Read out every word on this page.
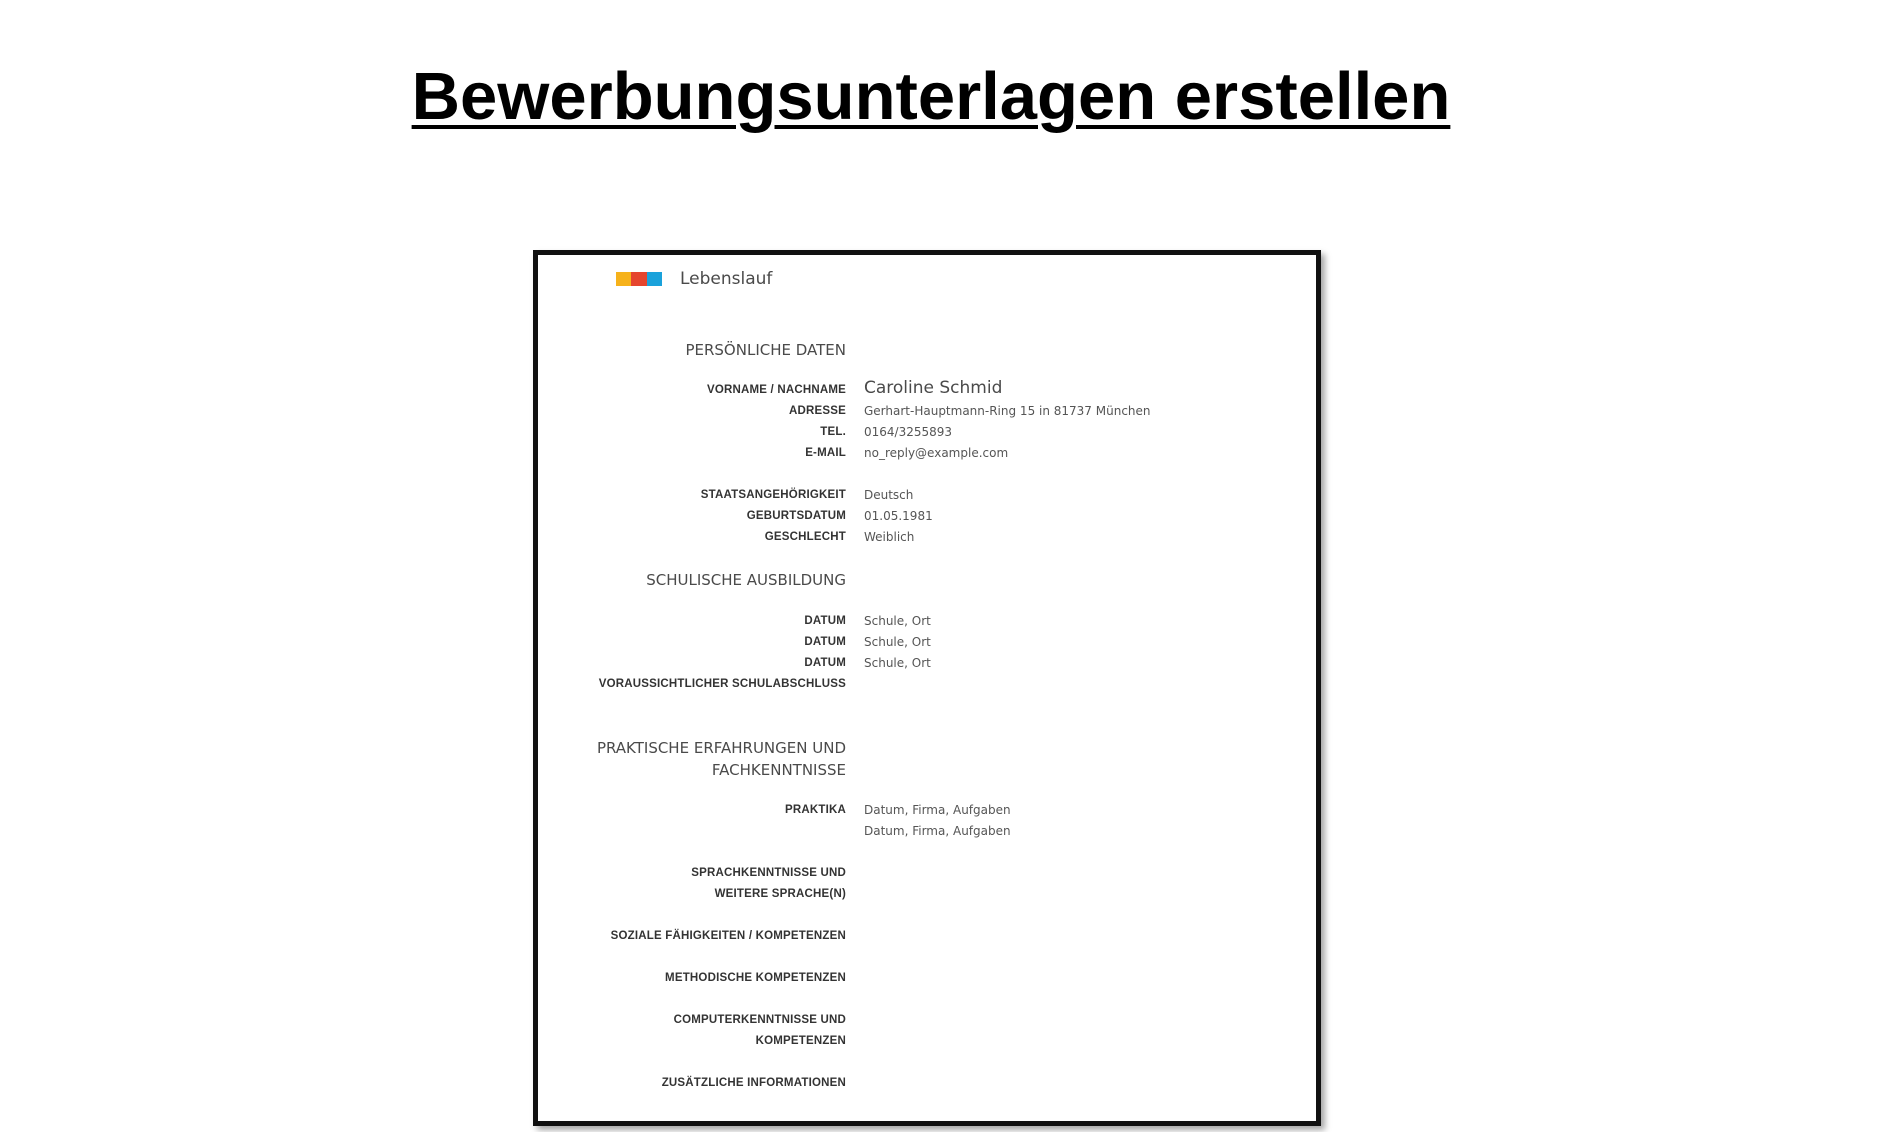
Bewerbungsunterlagen erstellen
Lebenslauf
PERSÖNLICHE DATEN
VORNAME / NACHNAME Caroline Schmid
ADRESSE Gerhart-Hauptmann-Ring 15 in 81737 München
TEL. 0164/3255893
E-MAIL no_reply@example.com
STAATSANGEHÖRIGKEIT Deutsch
GEBURTSDATUM 01.05.1981
GESCHLECHT Weiblich
SCHULISCHE AUSBILDUNG
DATUM Schule, Ort
DATUM Schule, Ort
DATUM Schule, Ort
VORAUSSICHTLICHER SCHULABSCHLUSS
PRAKTISCHE ERFAHRUNGEN UND
FACHKENNTNISSE
PRAKTIKA Datum, Firma, Aufgaben
Datum, Firma, Aufgaben
SPRACHKENNTNISSE UND
WEITERE SPRACHE(N)
SOZIALE FÄHIGKEITEN / KOMPETENZEN
METHODISCHE KOMPETENZEN
COMPUTERKENNTNISSE UND
KOMPETENZEN
ZUSÄTZLICHE INFORMATIONEN
